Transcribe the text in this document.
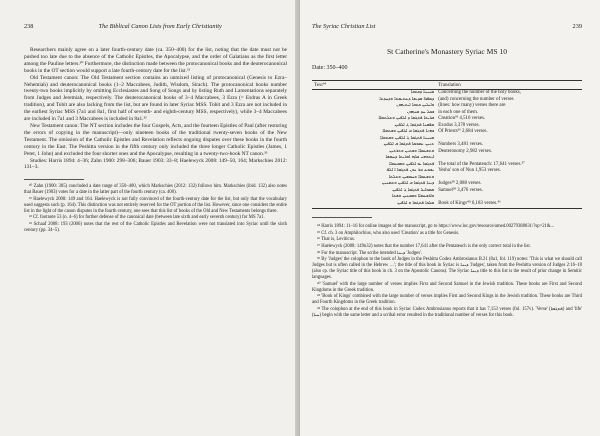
238	The Biblical Canon Lists from Early Christianity

Researchers mainly agree on a later fourth-century date (ca. 350–400) for the list, noting that the date must not be pushed too late due to the absence of the Catholic Epistles, the Apocalypse, and the order of Galatians as the first letter among the Pauline letters.³⁰ Furthermore, the distinction made between the protocanonical books and the deuterocanonical books in the OT section would support a late fourth-century date for the list.³¹

Old Testament canon: The Old Testament section contains an unmixed listing of protocanonical (Genesis to Ezra–Nehemiah) and deuterocanonical books (1–2 Maccabees, Judith, Wisdom, Sirach). The protocanonical books number twenty-two books implicitly by omitting Ecclesiastes and Song of Songs and by listing Ruth and Lamentations separately from Judges and Jeremiah, respectively. The deuterocanonical books of 3–4 Maccabees, 3 Ezra (= Esdras A in Greek tradition), and Tobit are also lacking from the list, but are found in later Syriac MSS. Tobit and 3 Ezra are not included in the earliest Syriac MSS (7a1 and 8a1, first half of seventh- and eighth-century MSS, respectively), while 3–4 Maccabees are included in 7a1 and 3 Maccabees is included in 8a1.³²

New Testament canon: The NT section includes the four Gospels, Acts, and the fourteen Epistles of Paul (after restoring the errors of copying in the manuscript)—only nineteen books of the traditional twenty-seven books of the New Testament. The omission of the Catholic Epistles and Revelation reflects ongoing disputes over these books in the fourth century in the East. The Peshitta version in the fifth century only included the three longer Catholic Epistles (James, 1 Peter, 1 John) and excluded the four shorter ones and the Apocalypse, resulting in a twenty-two-book NT canon.³³

Studies: Harris 1894: 4–36; Zahn 1900: 298–306; Bauer 1903: 33–8; Haelewyck 2008: 149–50, 164; Markschies 2012: 131–3.

³⁰ Zahn (1900: 305) concluded a date range of 350–400, which Markschies (2012: 132) follows him. Markschies (ibid. 132) also notes that Bauer (1903) votes for a date in the latter part of the fourth century (ca. 400).

³¹ Haelewyck 2008: 149 and 164. Haelewyck is not fully convinced of the fourth-century date for the list, but only that the vocabulary used suggests such (p. 164). This distinction was not entirely reserved for the OT portion of the list. However, since one considers the entire list in the light of the canon disputes in the fourth century, one sees that this list of books of the Old and New Testaments belongs there.

³² Cf. footnote 53 (n. 4–6) for further defense of the canonical date (between late sixth and early seventh century) for MS 7a1.

³³ Schaaf 2008: 193 (2006) notes that the rest of the Catholic Epistles and Revelation were not translated into Syriac until the sixth century (pp. 34–5).

The Syriac Christian List	239
St Catherine's Monastery Syriac MS 10
Date: 350–400
Text³⁴	Translation
ܡܢܝܢܐ ܕܟܬܒܐ	Concerning the number of the holy books,
ܕܣܦܪܐ ܩܕܝܫܐ ܕܥܬܝܩܬܐ ܘܕܚܕܬܐ	(and) concerning the number of verses
ܘܐܝܠܝܢ ܟܬܒܐ ܐܝܬܝܗܘܢ	(lines: how many) verses there are
ܒܟܠ ܚܕ ܡܢܗܘܢ	in each one of them.
ܒܪܝܬܐ ܦܬܓܡܐ ܕ ܐܠܦܝܢ ܘܬܠܬܡܐܐ	Creation³⁵ 4,516 verses.
ܡܦܩܢܐ ܦܬܓܡܐ ܓ ܐܠܦܝܢ	Exodus 3,378 verses.
ܟܗܢܐ ܦܬܓܡܐ ܒ ܐܠܦܝܢ ܘܫܬܡܐܐ	Of Priests³⁶ 2,684 verses.
ܡܢܝܢܐ ܦܬܓܡܐ ܓ ܐܠܦܝܢ ܘܫܬܡܐܐ	
ܬܢܝܢ ܢܡܘܣܐ ܦܬܓܡܐ ܒ ܐܠܦܝܢ	Numbers 3,481 verses.
ܘܬܫܥܡܐܐ ܘܫܬܝܢ ܘܬܪܬܝܢ	Deuteronomy 2,982 verses.
ܐܝܬܘܗܝ ܟܠܗ ܐܘܪܝܬܐ ܕܚܡܫܐ	
ܦܬܓܡܐ ܝܘ ܐܠܦܝܢ ܘܫܒܥܡܐܐ	The total of the Pentateuch: 17,641 verses.³⁷
ܝܫܘܥ ܒܪ ܢܘܢ ܦܬܓܡܐ ܐ ܐܠܦ	Yeshu' son of Nun 1,953 verses.
ܘܬܫܥܡܐܐ ܘܚܡܫܝܢ ܘܬܠܬܐ	
ܕܝܢܐ ܦܬܓܡܐ ܒ ܐܠܦܝܢ ܘܬܡܢܝܢ	Judges³⁸ 2,088 verses.
ܫܡܘܐܝܠ ܦܬܓܡܐ ܓ ܐܠܦܝܢ	Samuel³⁹ 3,476 verses.
ܘܐܪܒܥܡܐܐ ܘܫܒܥܝܢ ܘܫܬܐ	
ܡܠܟܐ ܦܬܓܡܐ ܘ ܐܠܦܝܢ	Book of Kings⁴⁰ 6,183 verses.⁴¹

³⁴ Harris 1894: 11–16 for online images of the manuscript, go to https://www.loc.gov/resource/amed.00279388831/?sp=21&...

³⁵ Cf. ch. 3 on Amphilochius, who also used 'Creation' as a title for Genesis.

³⁶ That is, Leviticus.

³⁷ Haelewyck (2008: 149n32) notes that the number 17,641 after the Pentateuch is the only correct total in the list.

³⁸ For the manuscript. The scribe intended ܕܝܢܐ 'Judges'.

³⁹ By 'Judges' the colophon to the book of Judges in the Peshitta Codex Ambrosianus B.21 (8a1, fol. 119) notes: 'This is what we should call Judges but is often called in the Hebrew …'; the title of this book in Syriac is ܕܝܢܐ 'Judges', taken from the Peshitta version of Judges 2:16–18 (also cp. the Syriac title of this book in ch. 3 on the Apostolic Canons). The Syriac ܕܝܢܐ title to this list is the result of prior change in Semitic languages.

⁴⁰ 'Samuel' with the large number of verses implies First and Second Samuel in the Jewish tradition. These books are First and Second Kingdoms in the Greek tradition.

⁴¹ 'Book of Kings' combined with the large number of verses implies First and Second Kings in the Jewish tradition. These books are Third and Fourth Kingdoms in the Greek tradition.

⁴² The colophon at the end of this book in Syriac Codex Ambrosianus reports that it has 7,153 verses (fol. 157v). 'Verse' (ܦܬܓܡܐ) and 'life' (ܚܝܐ) begin with the same letter and a scribal error resulted in the traditional number of verses for this book.
